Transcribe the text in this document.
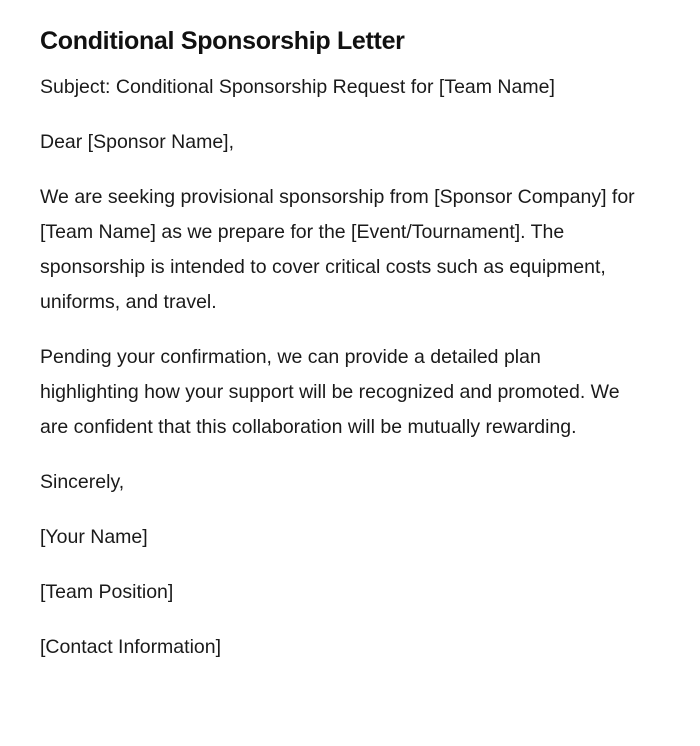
Conditional Sponsorship Letter

Subject: Conditional Sponsorship Request for [Team Name]

Dear [Sponsor Name],

We are seeking provisional sponsorship from [Sponsor Company] for [Team Name] as we prepare for the [Event/Tournament]. The sponsorship is intended to cover critical costs such as equipment, uniforms, and travel.

Pending your confirmation, we can provide a detailed plan highlighting how your support will be recognized and promoted. We are confident that this collaboration will be mutually rewarding.

Sincerely,

[Your Name]

[Team Position]

[Contact Information]
